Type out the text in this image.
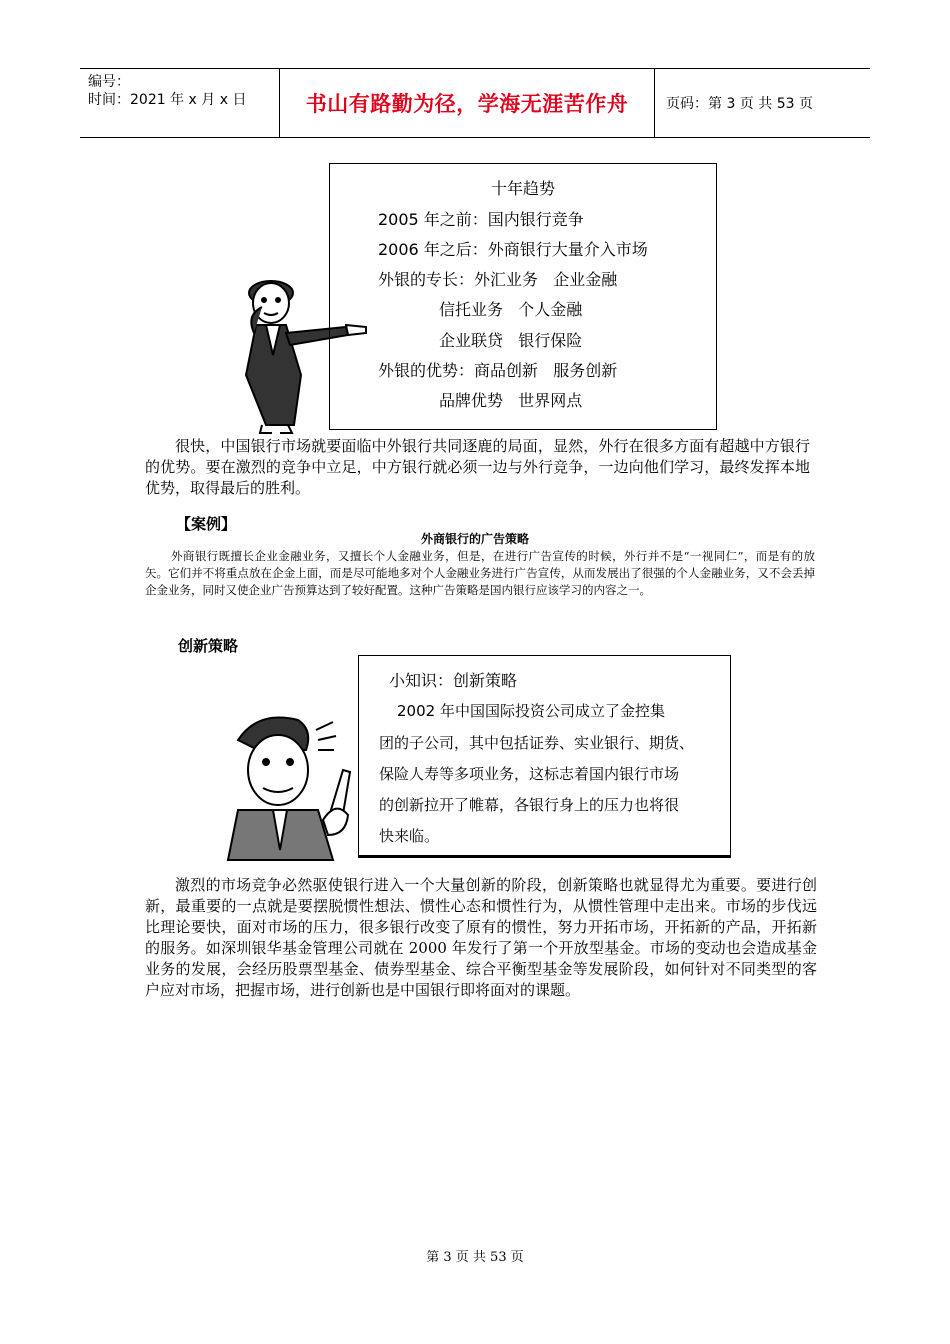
编号：
时间：2021 年 x 月 x 日	书山有路勤为径，学海无涯苦作舟	页码：第 3 页 共 53 页
十年趋势
2005 年之前：国内银行竞争
2006 年之后：外商银行大量介入市场
外银的专长：外汇业务   企业金融
信托业务   个人金融
企业联贷   银行保险
外银的优势：商品创新   服务创新
品牌优势   世界网点
很快，中国银行市场就要面临中外银行共同逐鹿的局面，显然，外行在很多方面有超越中方银行的优势。要在激烈的竞争中立足，中方银行就必须一边与外行竞争，一边向他们学习，最终发挥本地优势，取得最后的胜利。
【案例】
外商银行的广告策略
外商银行既擅长企业金融业务，又擅长个人金融业务，但是，在进行广告宣传的时候，外行并不是“一视同仁”，而是有的放矢。它们并不将重点放在企金上面，而是尽可能地多对个人金融业务进行广告宣传，从而发展出了很强的个人金融业务，又不会丢掉企金业务，同时又使企业广告预算达到了较好配置。这种广告策略是国内银行应该学习的内容之一。
创新策略
小知识：创新策略
2002 年中国国际投资公司成立了金控集
团的子公司，其中包括证券、实业银行、期货、
保险人寿等多项业务，这标志着国内银行市场
的创新拉开了帷幕，各银行身上的压力也将很
快来临。
激烈的市场竞争必然驱使银行进入一个大量创新的阶段，创新策略也就显得尤为重要。要进行创新，最重要的一点就是要摆脱惯性想法、惯性心态和惯性行为，从惯性管理中走出来。市场的步伐远比理论要快，面对市场的压力，很多银行改变了原有的惯性，努力开拓市场，开拓新的产品，开拓新的服务。如深圳银华基金管理公司就在 2000 年发行了第一个开放型基金。市场的变动也会造成基金业务的发展，会经历股票型基金、债券型基金、综合平衡型基金等发展阶段，如何针对不同类型的客户应对市场，把握市场，进行创新也是中国银行即将面对的课题。
第 3 页 共 53 页
